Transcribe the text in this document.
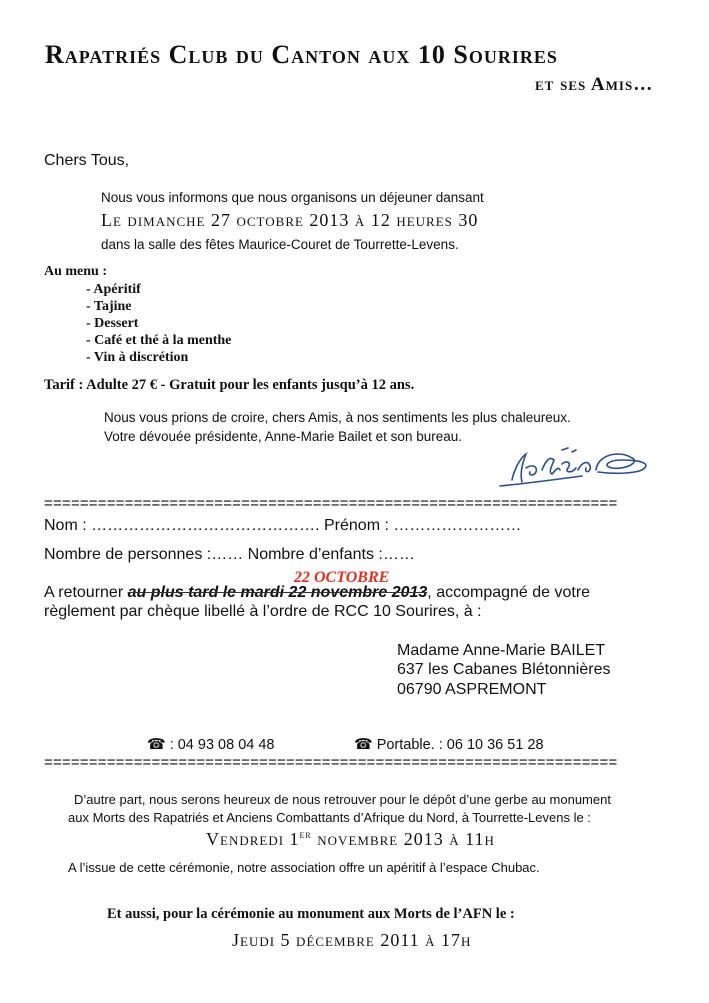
Rapatriés Club du Canton aux 10 Sourires
et ses Amis…
Chers Tous,
Nous vous informons que nous organisons un déjeuner dansant
Le dimanche 27 octobre 2013 à 12 heures 30
dans la salle des fêtes Maurice-Couret de Tourrette-Levens.
Au menu :
- Apéritif
- Tajine
- Dessert
- Café et thé à la menthe
- Vin à discrétion
Tarif : Adulte 27 € - Gratuit pour les enfants jusqu’à 12 ans.
Nous vous prions de croire, chers Amis, à nos sentiments les plus chaleureux.
Votre dévouée présidente, Anne-Marie Bailet et son bureau.
================================================================
Nom : ……………………………………. Prénom : ……………………
Nombre de personnes :…… Nombre d’enfants :……
22 OCTOBRE
A retourner au plus tard le mardi 22 novembre 2013, accompagné de votre
règlement par chèque libellé à l’ordre de RCC 10 Sourires, à :
Madame Anne-Marie BAILET
637 les Cabanes Blétonnières
06790 ASPREMONT
☎ : 04 93 08 04 48	☎ Portable. : 06 10 36 51 28
================================================================
D’autre part, nous serons heureux de nous retrouver pour le dépôt d’une gerbe au monument
aux Morts des Rapatriés et Anciens Combattants d’Afrique du Nord, à Tourrette-Levens le :
Vendredi 1er novembre 2013 à 11h
A l’issue de cette cérémonie, notre association offre un apéritif à l’espace Chubac.
Et aussi, pour la cérémonie au monument aux Morts de l’AFN le :
Jeudi 5 décembre 2011 à 17h
